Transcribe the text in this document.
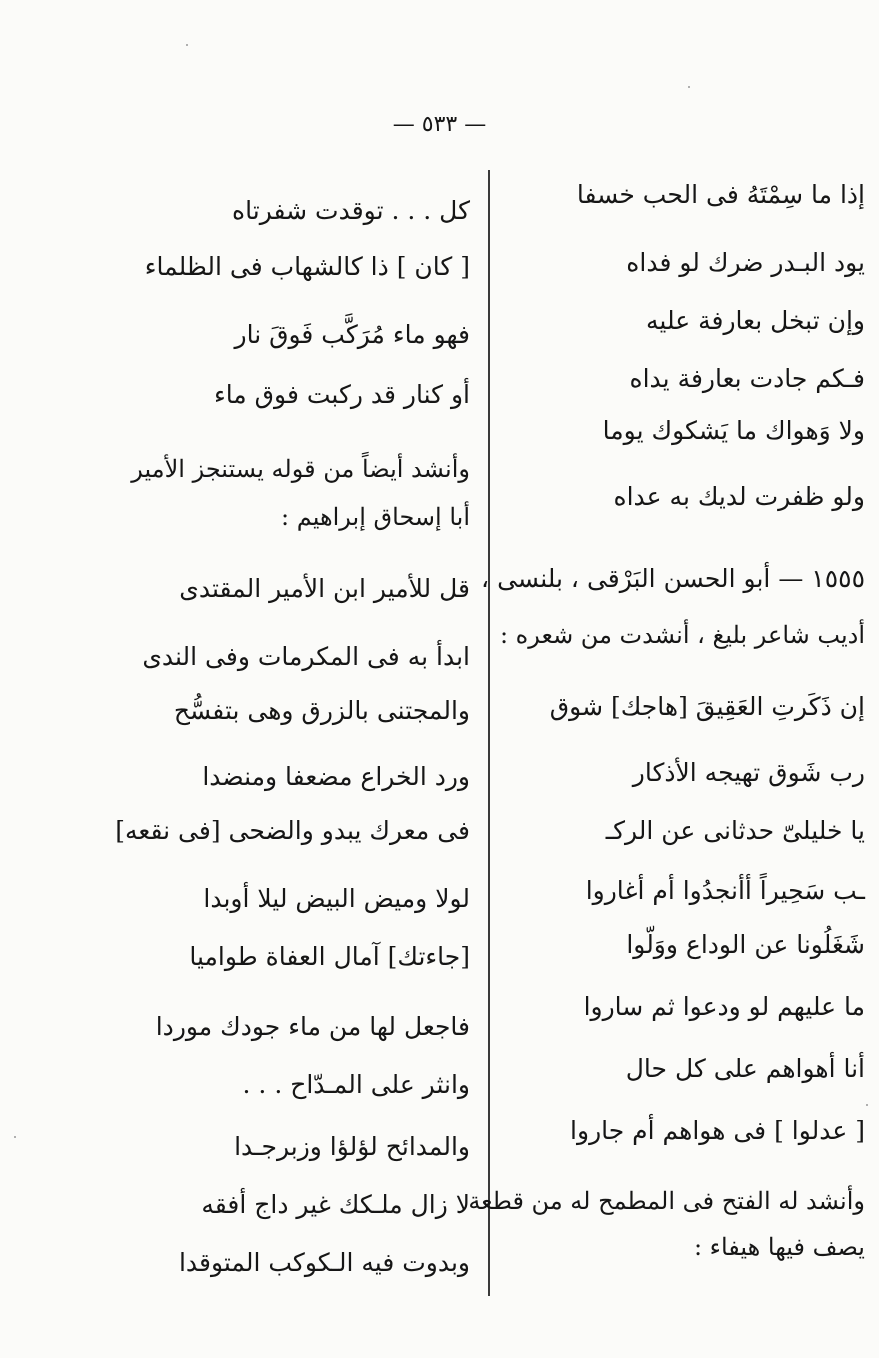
— ٥٣٣ —
إذا ما سِمْتَهُ فى الحب خسفا
يود البـدر ضرك لو فداه
وإن تبخل بعارفة عليه
فـكم جادت بعارفة يداه
ولا وَهواك ما يَشكوك يوما
ولو ظفرت لديك به عداه
١٥٥٥ — أبو الحسن البَرْقى ، بلنسى ،
أديب شاعر بليغ ، أنشدت من شعره :
إن ذَكَرتِ العَقِيقَ [هاجك] شوق
رب شَوق تهيجه الأذكار
يا خليلىّ حدثانى عن الركـ
ـب سَحِيراً أأنجدُوا أم أغاروا
شَغَلُونا عن الوداع ووَلّوا
ما عليهم لو ودعوا ثم ساروا
أنا أهواهم على كل حال
[ عدلوا ] فى هواهم أم جاروا
وأنشد له الفتح فى المطمح له من قطعة
يصف فيها هيفاء :
كل . . . توقدت شفرتاه
[ كان ] ذا كالشهاب فى الظلماء
فهو ماء مُرَكَّب فَوقَ نار
أو كنار قد ركبت فوق ماء
وأنشد أيضاً من قوله يستنجز الأمير
أبا إسحاق إبراهيم :
قل للأمير ابن الأمير المقتدى
ابدأ به فى المكرمات وفى الندى
والمجتنى بالزرق وهى بتفسُّح
ورد الخراع مضعفا ومنضدا
فى معرك يبدو والضحى [فى نقعه]
لولا وميض البيض ليلا أوبدا
[جاءتك] آمال العفاة طواميا
فاجعل لها من ماء جودك موردا
وانثر على المـدّاح . . .
والمدائح لؤلؤا وزبرجـدا
لا زال ملـكك غير داج أفقه
وبدوت فيه الـكوكب المتوقدا
